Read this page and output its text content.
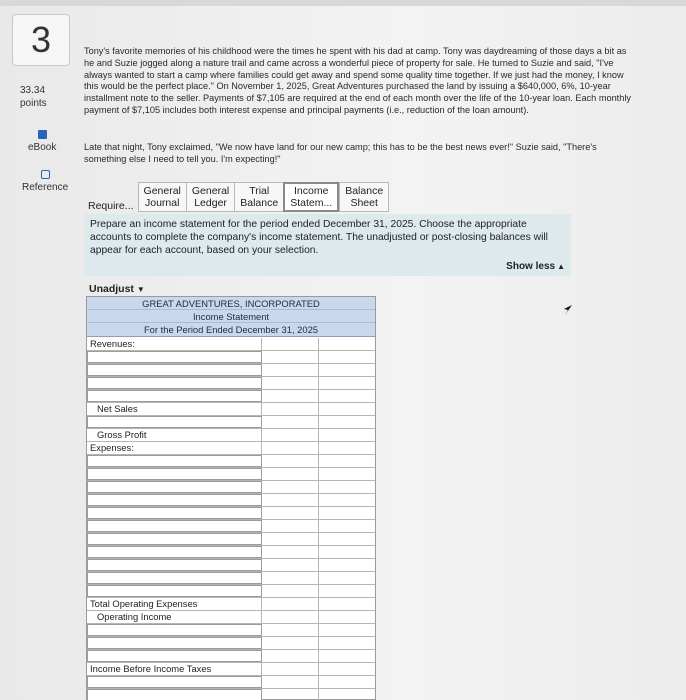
3
33.34
points
eBook
Reference
Tony's favorite memories of his childhood were the times he spent with his dad at camp. Tony was daydreaming of those days a bit as he and Suzie jogged along a nature trail and came across a wonderful piece of property for sale. He turned to Suzie and said, "I've always wanted to start a camp where families could get away and spend some quality time together. If we just had the money, I know this would be the perfect place." On November 1, 2025, Great Adventures purchased the land by issuing a $640,000, 6%, 10-year installment note to the seller. Payments of $7,105 are required at the end of each month over the life of the 10-year loan. Each monthly payment of $7,105 includes both interest expense and principal payments (i.e., reduction of the loan amount).
Late that night, Tony exclaimed, "We now have land for our new camp; this has to be the best news ever!" Suzie said, "There's something else I need to tell you. I'm expecting!"
Require...
General
Journal
General
Ledger
Trial
Balance
Income
Statem...
Balance
Sheet
Prepare an income statement for the period ended December 31, 2025. Choose the appropriate accounts to complete the company's income statement. The unadjusted or post-closing balances will appear for each account, based on your selection.
Show less ▲
Unadjust ▼
GREAT ADVENTURES, INCORPORATED
Income Statement
For the Period Ended December 31, 2025
Revenues:
Net Sales
Gross Profit
Expenses:
Total Operating Expenses
Operating Income
Income Before Income Taxes
